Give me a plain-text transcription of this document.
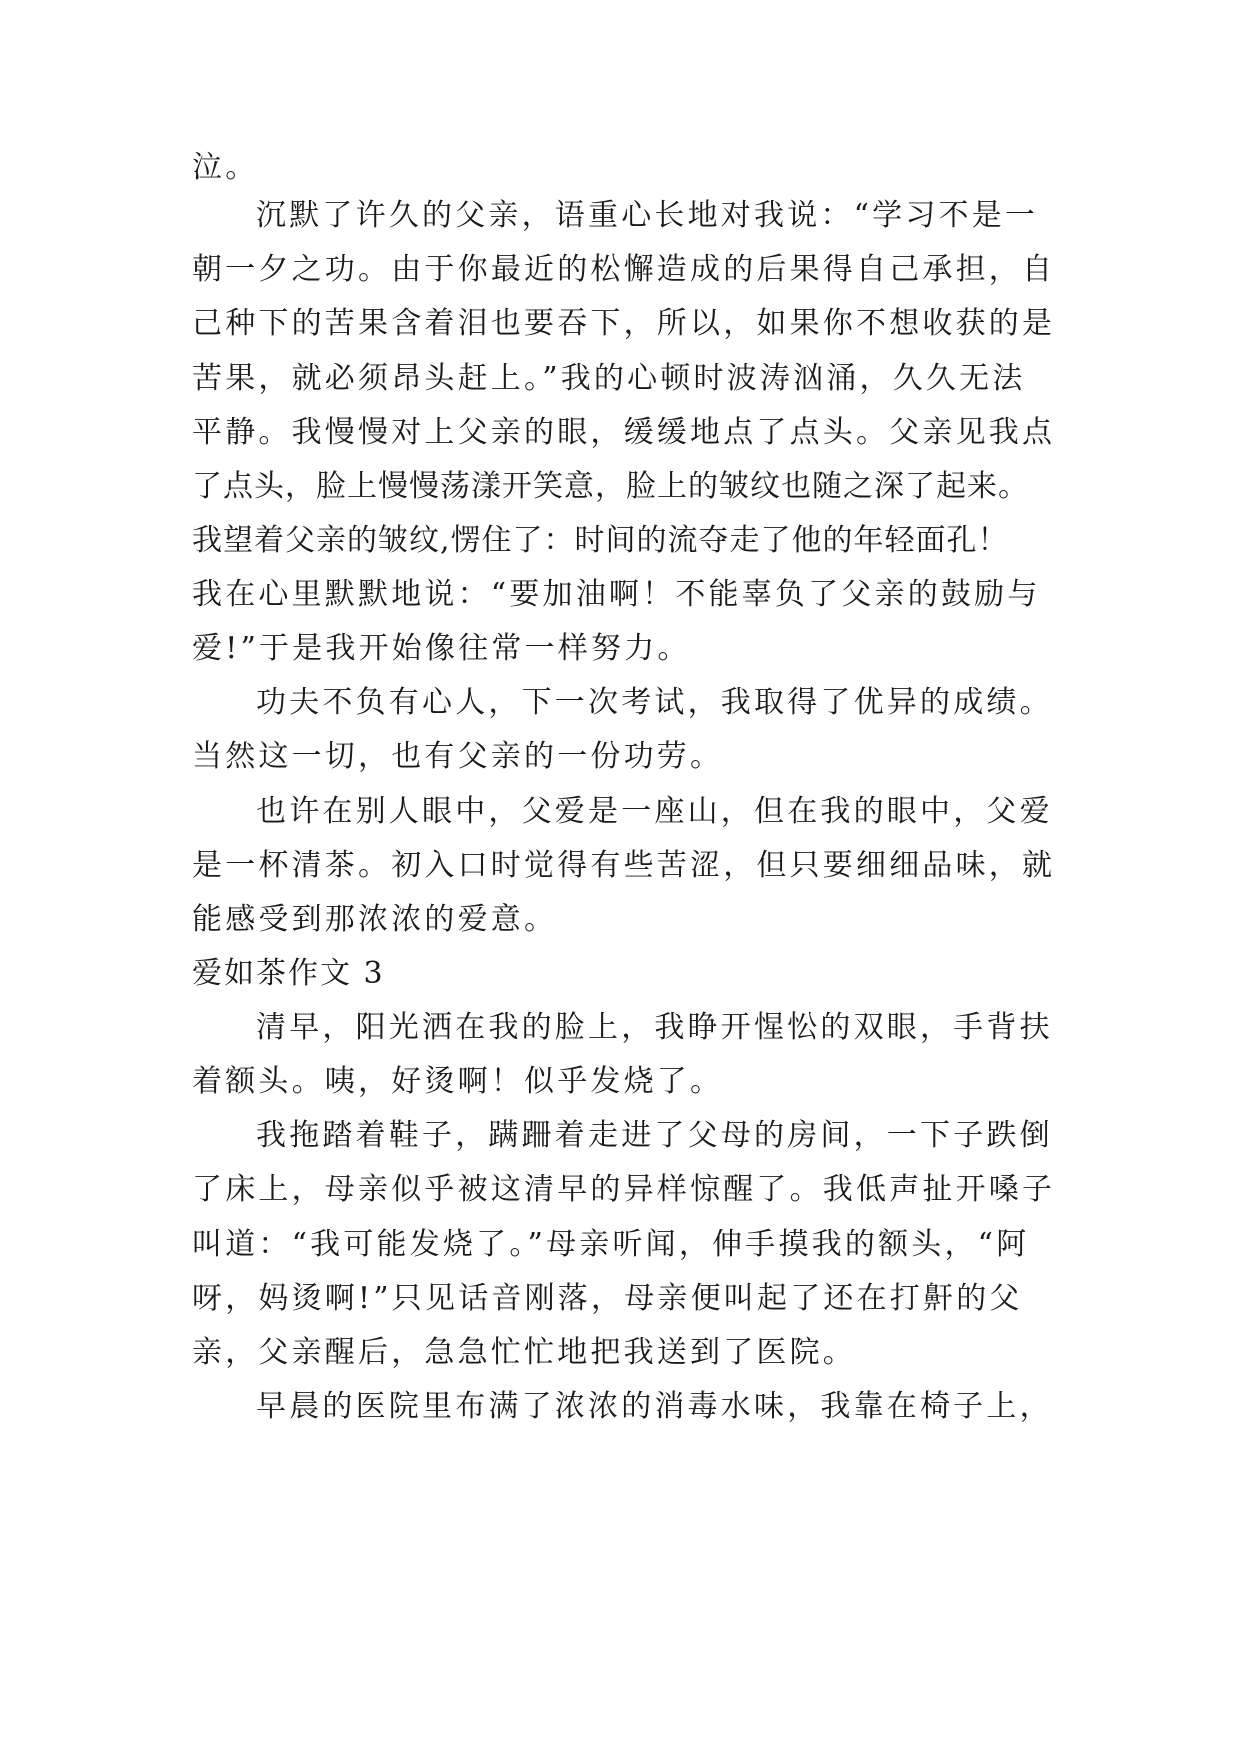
泣。
沉默了许久的父亲，语重心长地对我说：“学习不是一
朝一夕之功。由于你最近的松懈造成的后果得自己承担，自
己种下的苦果含着泪也要吞下，所以，如果你不想收获的是
苦果，就必须昂头赶上。”我的心顿时波涛汹涌，久久无法
平静。我慢慢对上父亲的眼，缓缓地点了点头。父亲见我点
了点头，脸上慢慢荡漾开笑意，脸上的皱纹也随之深了起来。
我望着父亲的皱纹,愣住了：时间的流夺走了他的年轻面孔！
我在心里默默地说：“要加油啊！不能辜负了父亲的鼓励与
爱!”于是我开始像往常一样努力。
功夫不负有心人，下一次考试，我取得了优异的成绩。
当然这一切，也有父亲的一份功劳。
也许在别人眼中，父爱是一座山，但在我的眼中，父爱
是一杯清茶。初入口时觉得有些苦涩，但只要细细品味，就
能感受到那浓浓的爱意。
爱如茶作文 3
清早，阳光洒在我的脸上，我睁开惺忪的双眼，手背扶
着额头。咦，好烫啊！似乎发烧了。
我拖踏着鞋子，蹒跚着走进了父母的房间，一下子跌倒
了床上，母亲似乎被这清早的异样惊醒了。我低声扯开嗓子
叫道：“我可能发烧了。”母亲听闻，伸手摸我的额头，“阿
呀，妈烫啊!”只见话音刚落，母亲便叫起了还在打鼾的父
亲，父亲醒后，急急忙忙地把我送到了医院。
早晨的医院里布满了浓浓的消毒水味，我靠在椅子上，
